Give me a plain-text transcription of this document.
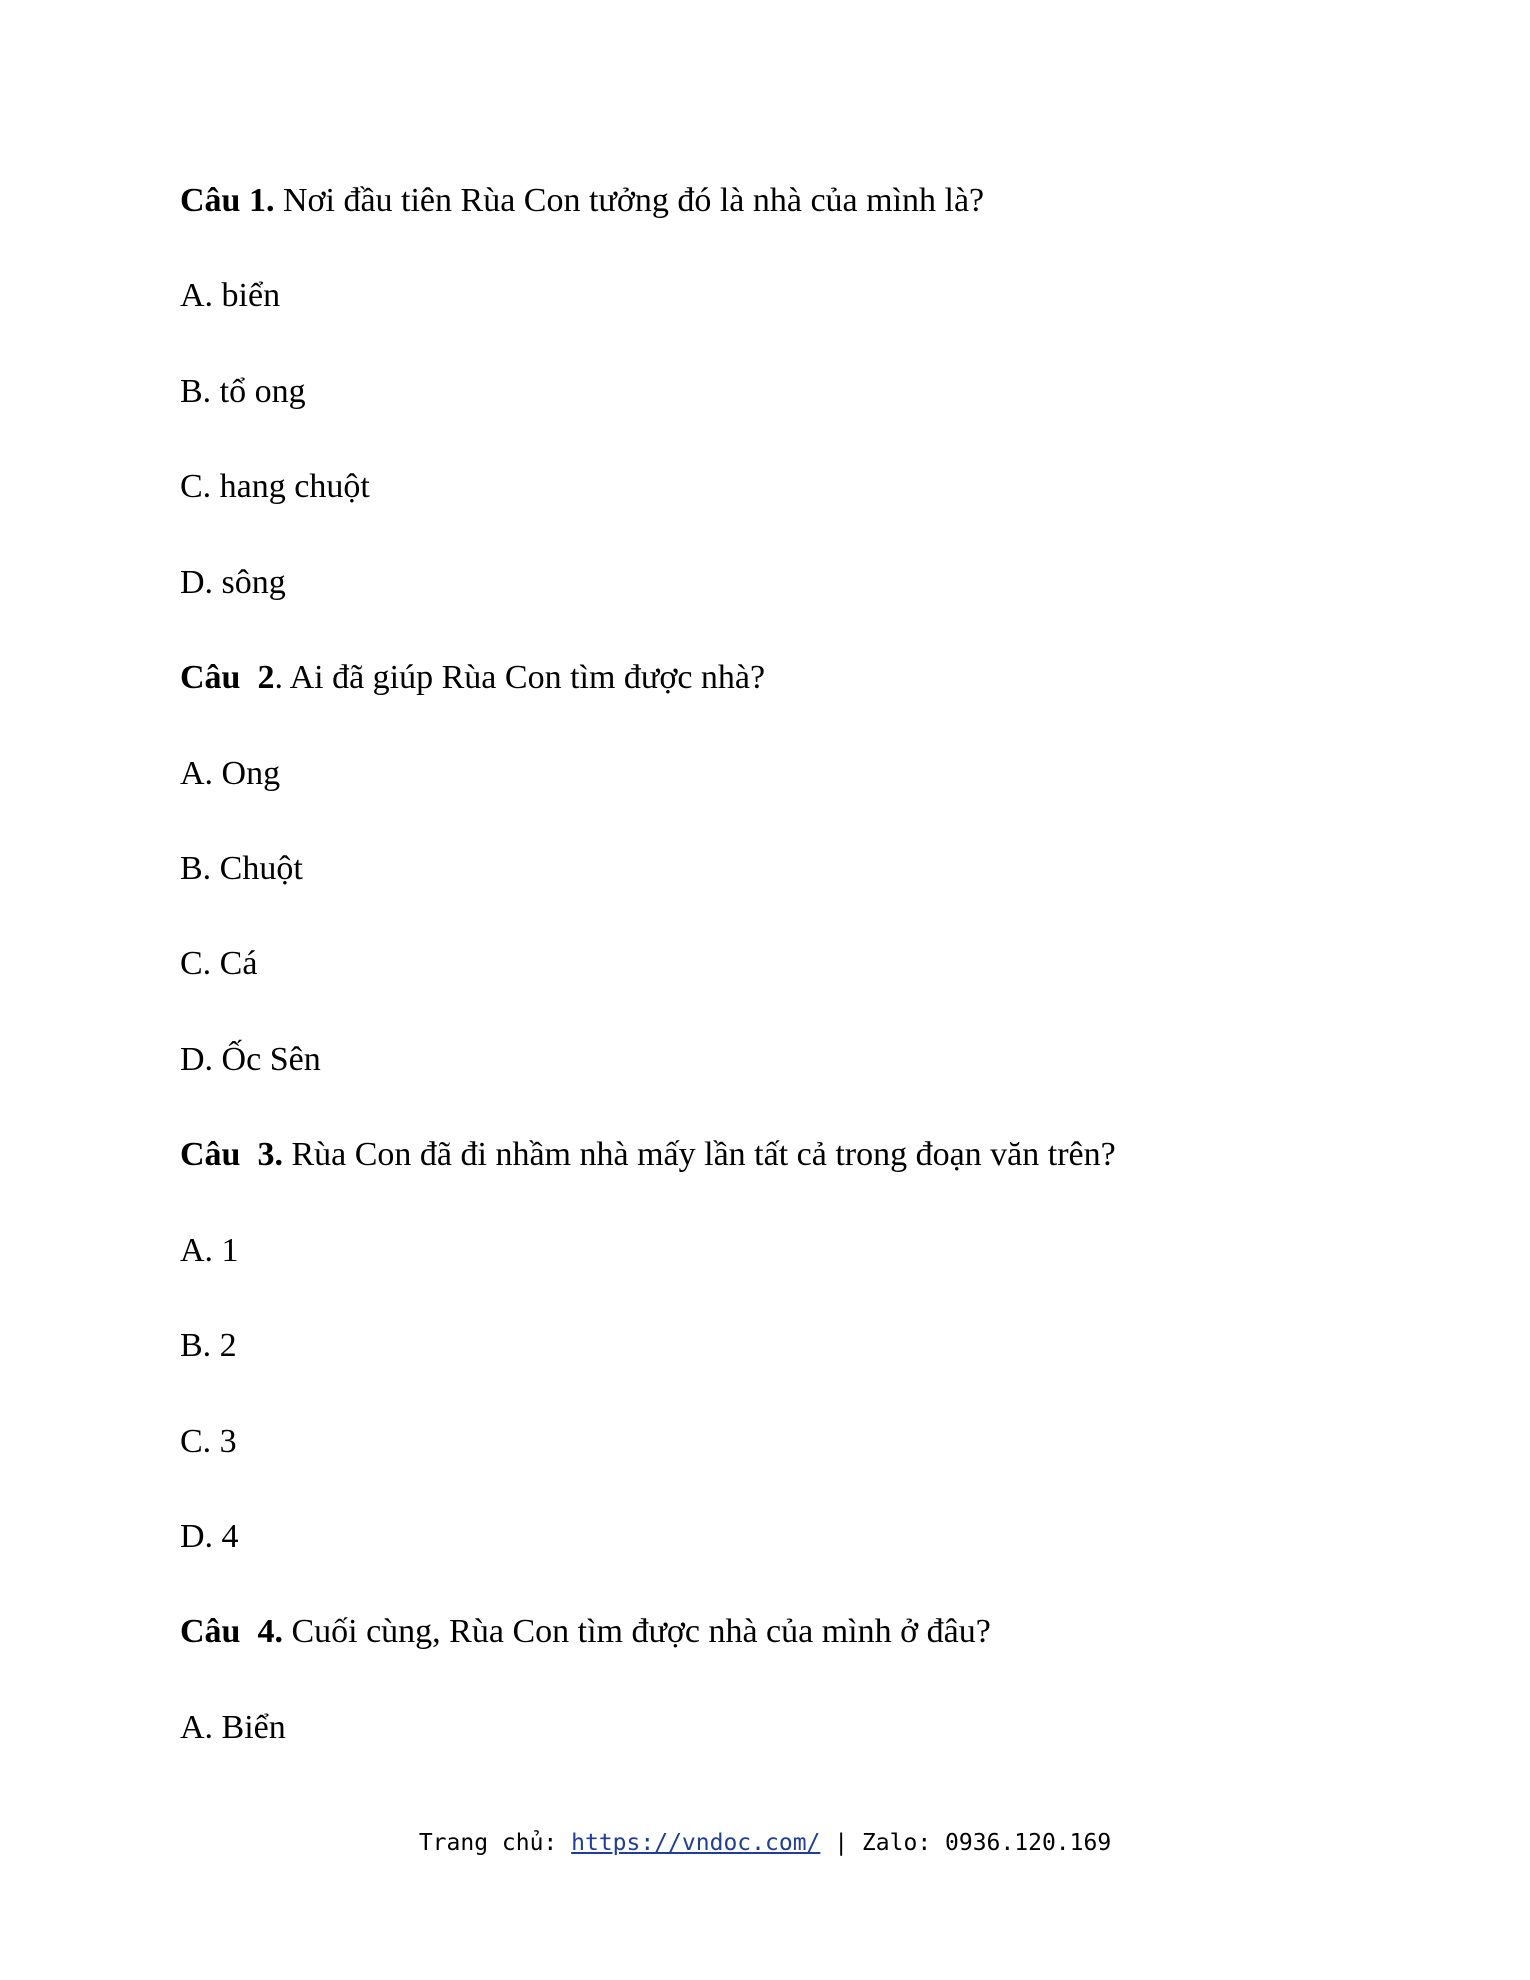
Câu 1. Nơi đầu tiên Rùa Con tưởng đó là nhà của mình là?
A. biển
B. tổ ong
C. hang chuột
D. sông
Câu  2. Ai đã giúp Rùa Con tìm được nhà?
A. Ong
B. Chuột
C. Cá
D. Ốc Sên
Câu  3. Rùa Con đã đi nhầm nhà mấy lần tất cả trong đoạn văn trên?
A. 1
B. 2
C. 3
D. 4
Câu  4. Cuối cùng, Rùa Con tìm được nhà của mình ở đâu?
A. Biển
Trang chủ: https://vndoc.com/ | Zalo: 0936.120.169
